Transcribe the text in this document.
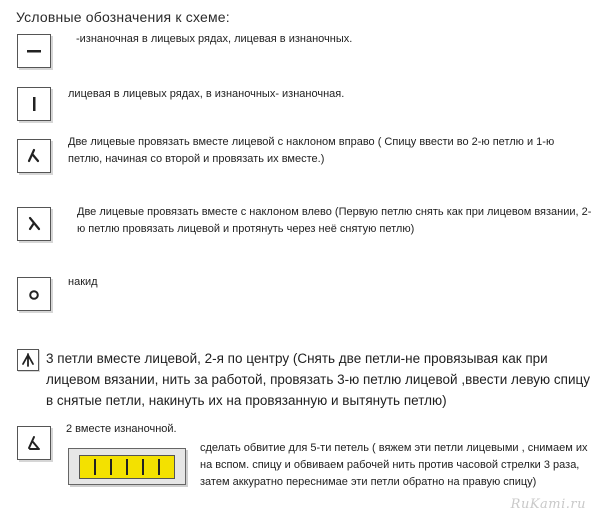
Условные обозначения к схеме:
-изнаночная в лицевых рядах, лицевая в изнаночных.
лицевая в лицевых рядах, в изнаночных- изнаночная.
Две лицевые провязать вместе лицевой с наклоном вправо ( Спицу ввести во 2-ю петлю и 1-ю петлю, начиная со второй и провязать их вместе.)
Две лицевые провязать вместе с наклоном влево (Первую петлю снять как при лицевом вязании, 2-ю петлю провязать лицевой и протянуть через неё снятую петлю)
накид
3 петли вместе лицевой, 2-я по центру (Снять две петли-не провязывая как при лицевом вязании, нить за работой, провязать 3-ю петлю лицевой ,ввести левую спицу в снятые петли, накинуть их на провязанную и вытянуть петлю)
2 вместе изнаночной.
сделать обвитие для 5-ти петель ( вяжем эти петли лицевыми , снимаем их на вспом. спицу и обвиваем рабочей нить против часовой стрелки 3 раза, затем аккуратно переснимае эти петли обратно на правую спицу)
RuKami.ru
